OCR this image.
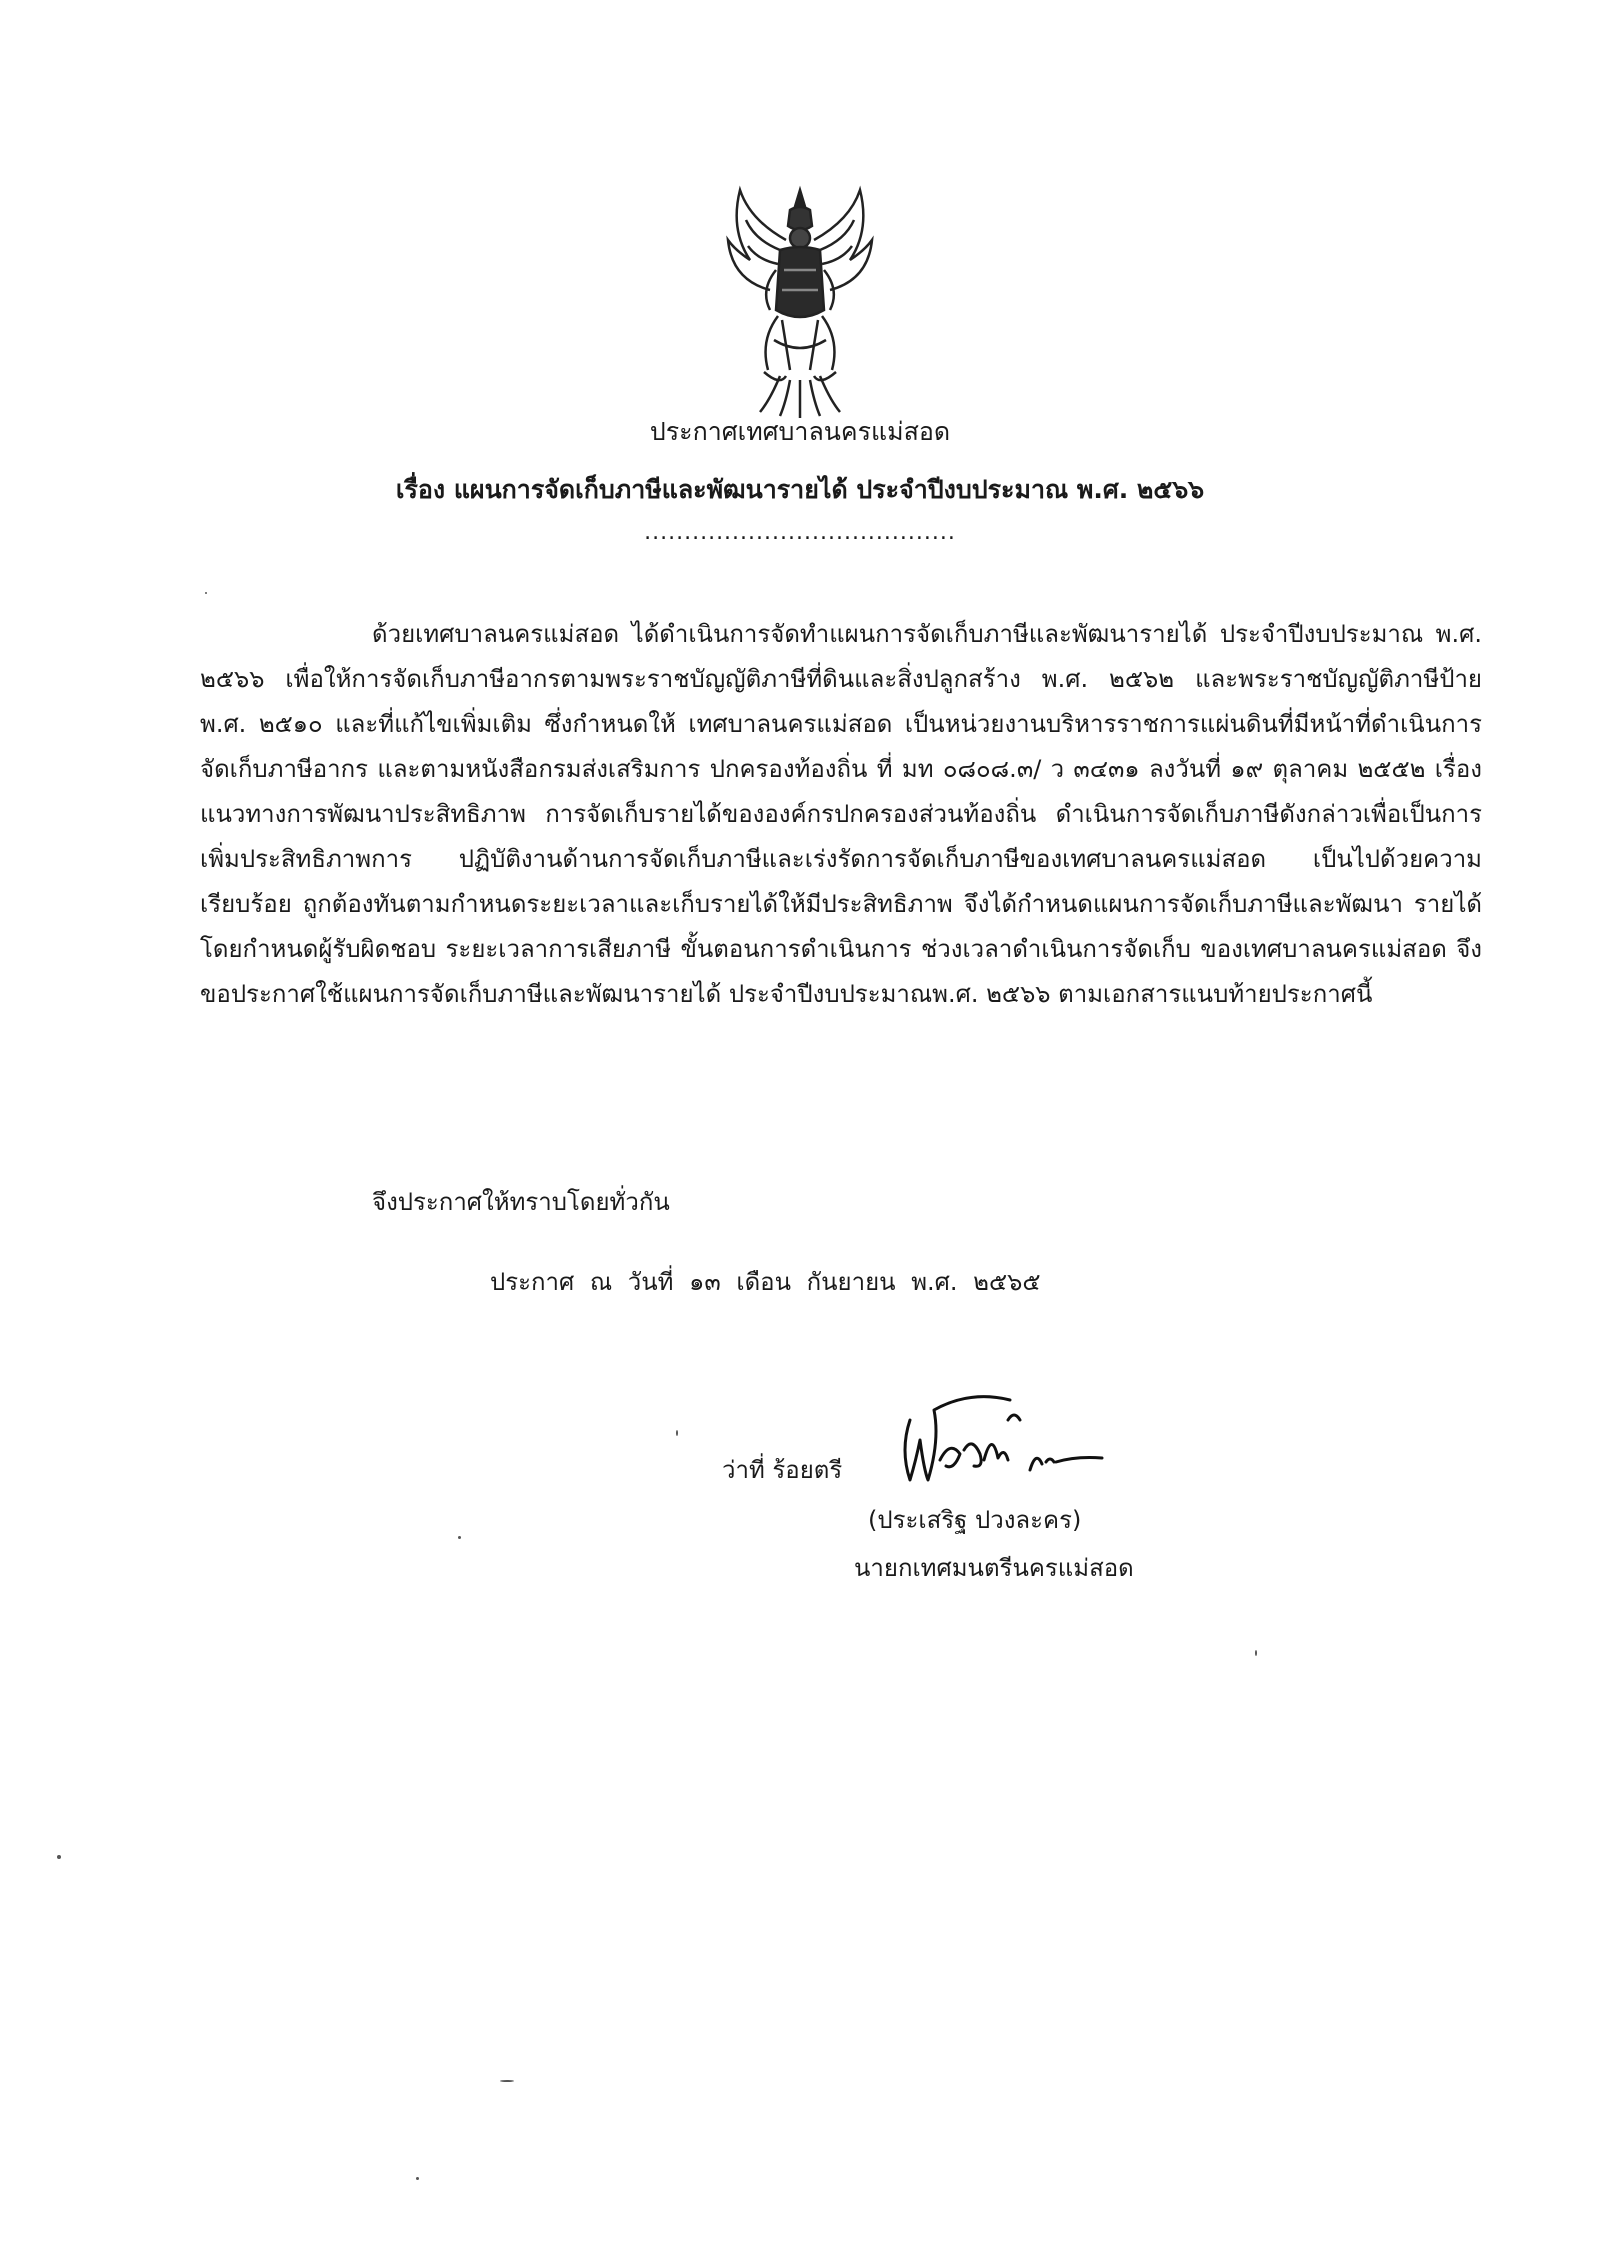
ประกาศเทศบาลนครแม่สอด
เรื่อง แผนการจัดเก็บภาษีและพัฒนารายได้ ประจำปีงบประมาณ พ.ศ. ๒๕๖๖
.......................................

ด้วยเทศบาลนครแม่สอด ได้ดำเนินการจัดทำแผนการจัดเก็บภาษีและพัฒนารายได้ ประจำปีงบประมาณ พ.ศ. ๒๕๖๖ เพื่อให้การจัดเก็บภาษีอากรตามพระราชบัญญัติภาษีที่ดินและสิ่งปลูกสร้าง พ.ศ. ๒๕๖๒ และพระราชบัญญัติภาษีป้าย พ.ศ. ๒๕๑๐ และที่แก้ไขเพิ่มเติม ซึ่งกำหนดให้ เทศบาลนครแม่สอด เป็นหน่วยงานบริหารราชการแผ่นดินที่มีหน้าที่ดำเนินการจัดเก็บภาษีอากร และตามหนังสือกรมส่งเสริมการ ปกครองท้องถิ่น ที่ มท ๐๘๐๘.๓/ ว ๓๔๓๑ ลงวันที่ ๑๙ ตุลาคม ๒๕๕๒ เรื่อง แนวทางการพัฒนาประสิทธิภาพ การจัดเก็บรายได้ขององค์กรปกครองส่วนท้องถิ่น ดำเนินการจัดเก็บภาษีดังกล่าวเพื่อเป็นการเพิ่มประสิทธิภาพการ ปฏิบัติงานด้านการจัดเก็บภาษีและเร่งรัดการจัดเก็บภาษีของเทศบาลนครแม่สอด เป็นไปด้วยความเรียบร้อย ถูกต้องทันตามกำหนดระยะเวลาและเก็บรายได้ให้มีประสิทธิภาพ จึงได้กำหนดแผนการจัดเก็บภาษีและพัฒนา รายได้ โดยกำหนดผู้รับผิดชอบ ระยะเวลาการเสียภาษี ขั้นตอนการดำเนินการ ช่วงเวลาดำเนินการจัดเก็บ ของเทศบาลนครแม่สอด จึงขอประกาศใช้แผนการจัดเก็บภาษีและพัฒนารายได้ ประจำปีงบประมาณพ.ศ. ๒๕๖๖ ตามเอกสารแนบท้ายประกาศนี้

จึงประกาศให้ทราบโดยทั่วกัน
ประกาศ ณ วันที่ ๑๓ เดือน กันยายน พ.ศ. ๒๕๖๕
ว่าที่ ร้อยตรี
(ประเสริฐ ปวงละคร)
นายกเทศมนตรีนครแม่สอด
